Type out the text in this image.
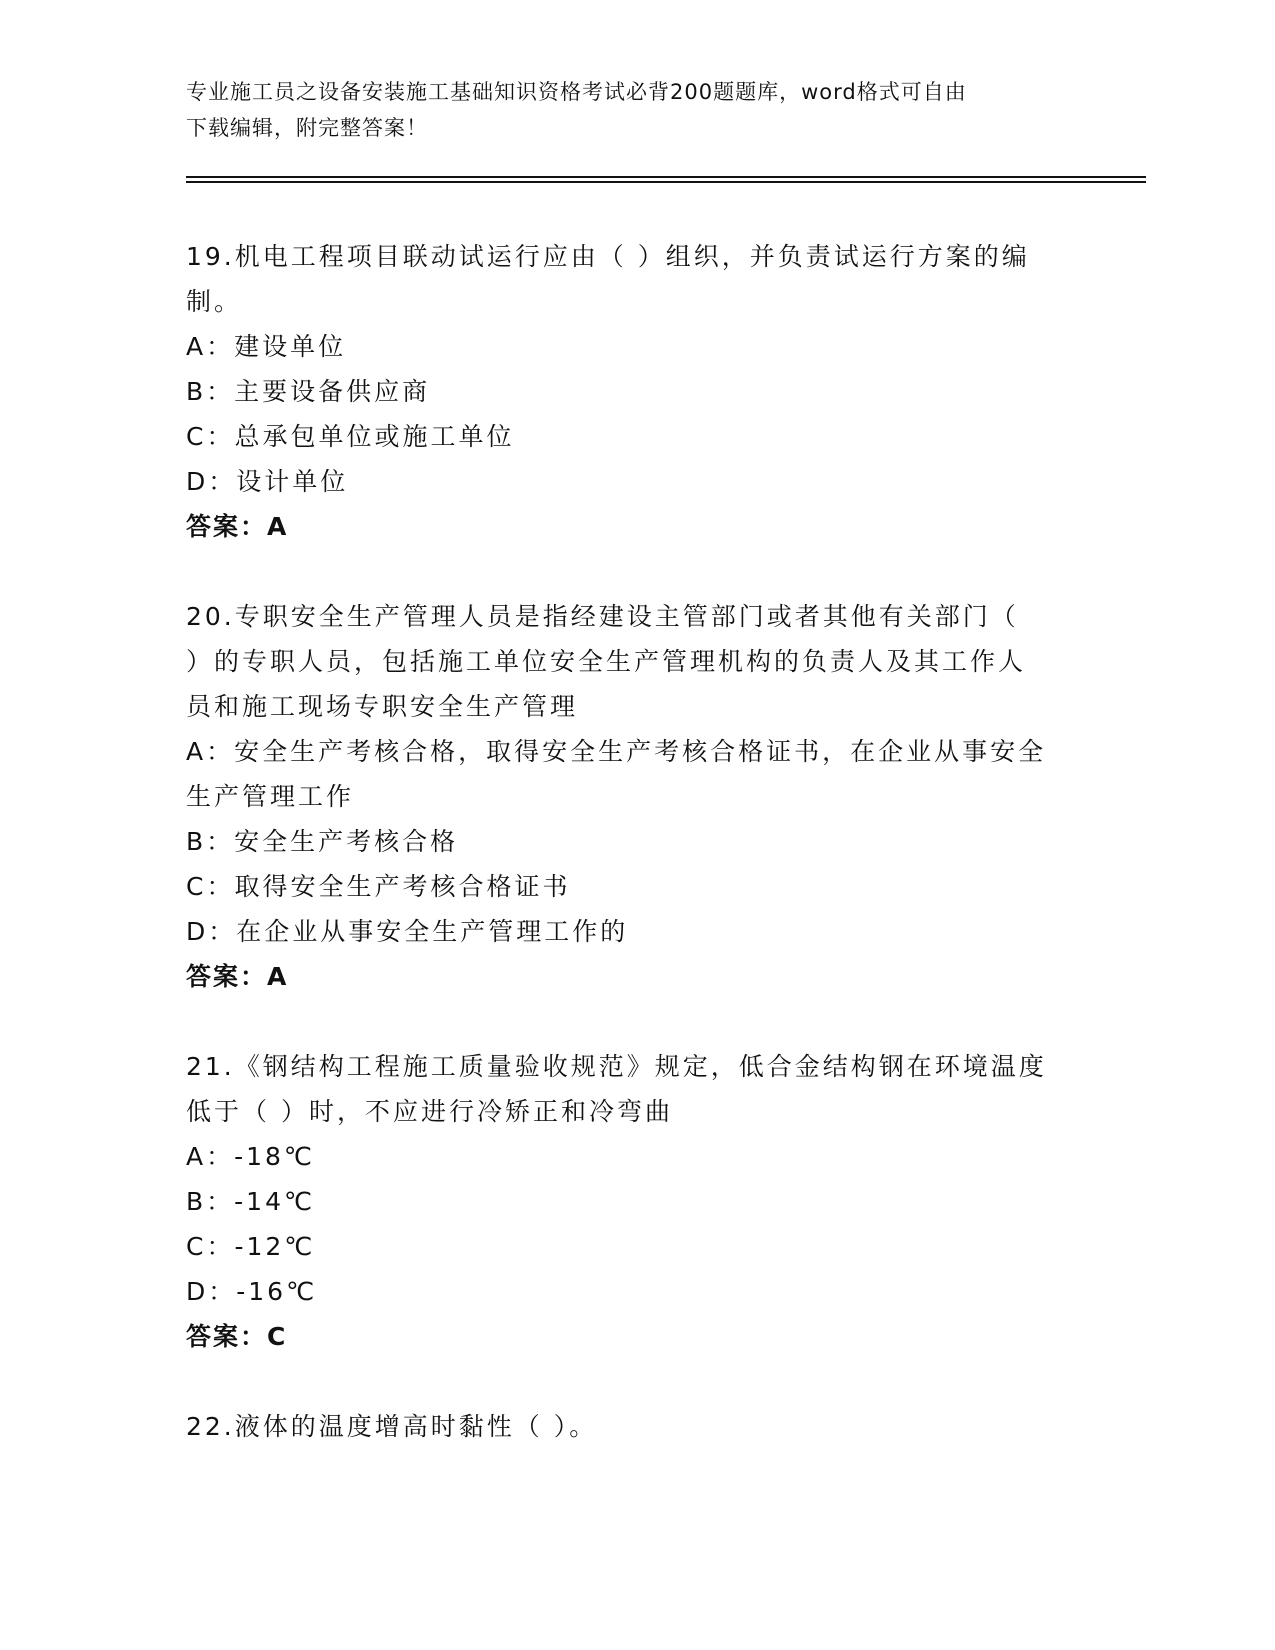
专业施工员之设备安装施工基础知识资格考试必背200题题库，word格式可自由
下载编辑，附完整答案！
19.机电工程项目联动试运行应由（ ）组织，并负责试运行方案的编
制。
A：建设单位
B：主要设备供应商
C：总承包单位或施工单位
D：设计单位
答案：A
20.专职安全生产管理人员是指经建设主管部门或者其他有关部门（
）的专职人员，包括施工单位安全生产管理机构的负责人及其工作人
员和施工现场专职安全生产管理
A：安全生产考核合格，取得安全生产考核合格证书，在企业从事安全
生产管理工作
B：安全生产考核合格
C：取得安全生产考核合格证书
D：在企业从事安全生产管理工作的
答案：A
21.《钢结构工程施工质量验收规范》规定，低合金结构钢在环境温度
低于（ ）时，不应进行冷矫正和冷弯曲
A：-18℃
B：-14℃
C：-12℃
D：-16℃
答案：C
22.液体的温度增高时黏性（ ）。
